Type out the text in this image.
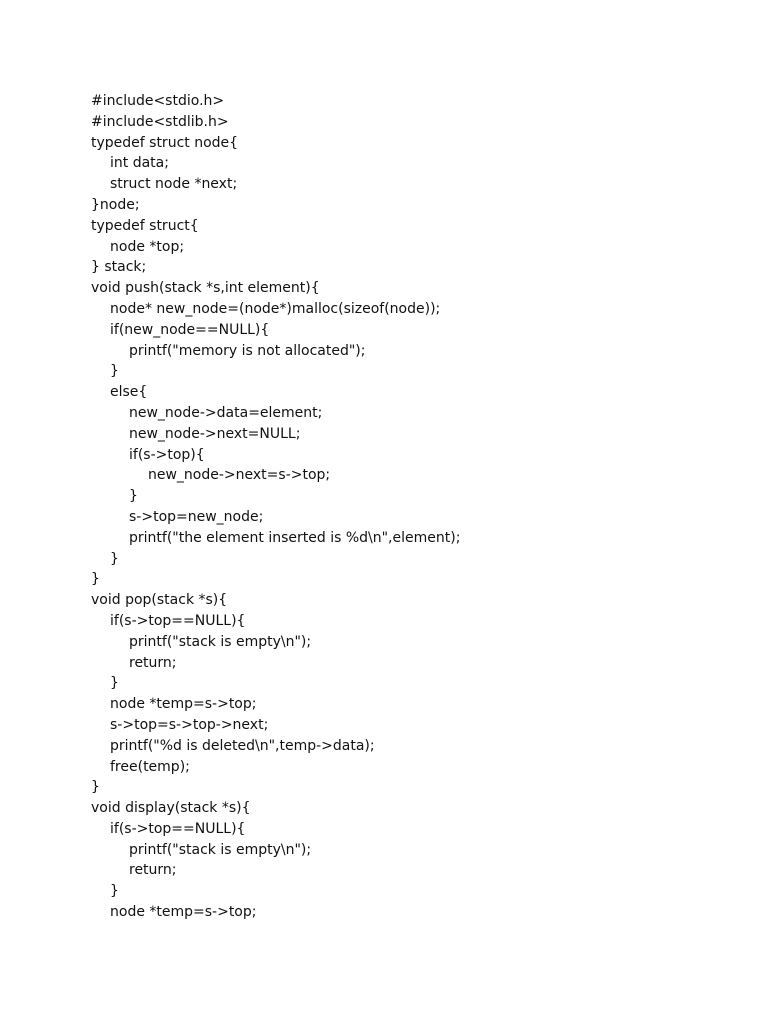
#include<stdio.h>
#include<stdlib.h>
typedef struct node{
int data;
struct node *next;
}node;
typedef struct{
node *top;
} stack;
void push(stack *s,int element){
node* new_node=(node*)malloc(sizeof(node));
if(new_node==NULL){
printf("memory is not allocated");
}
else{
new_node->data=element;
new_node->next=NULL;
if(s->top){
new_node->next=s->top;
}
s->top=new_node;
printf("the element inserted is %d\n",element);
}
}
void pop(stack *s){
if(s->top==NULL){
printf("stack is empty\n");
return;
}
node *temp=s->top;
s->top=s->top->next;
printf("%d is deleted\n",temp->data);
free(temp);
}
void display(stack *s){
if(s->top==NULL){
printf("stack is empty\n");
return;
}
node *temp=s->top;
